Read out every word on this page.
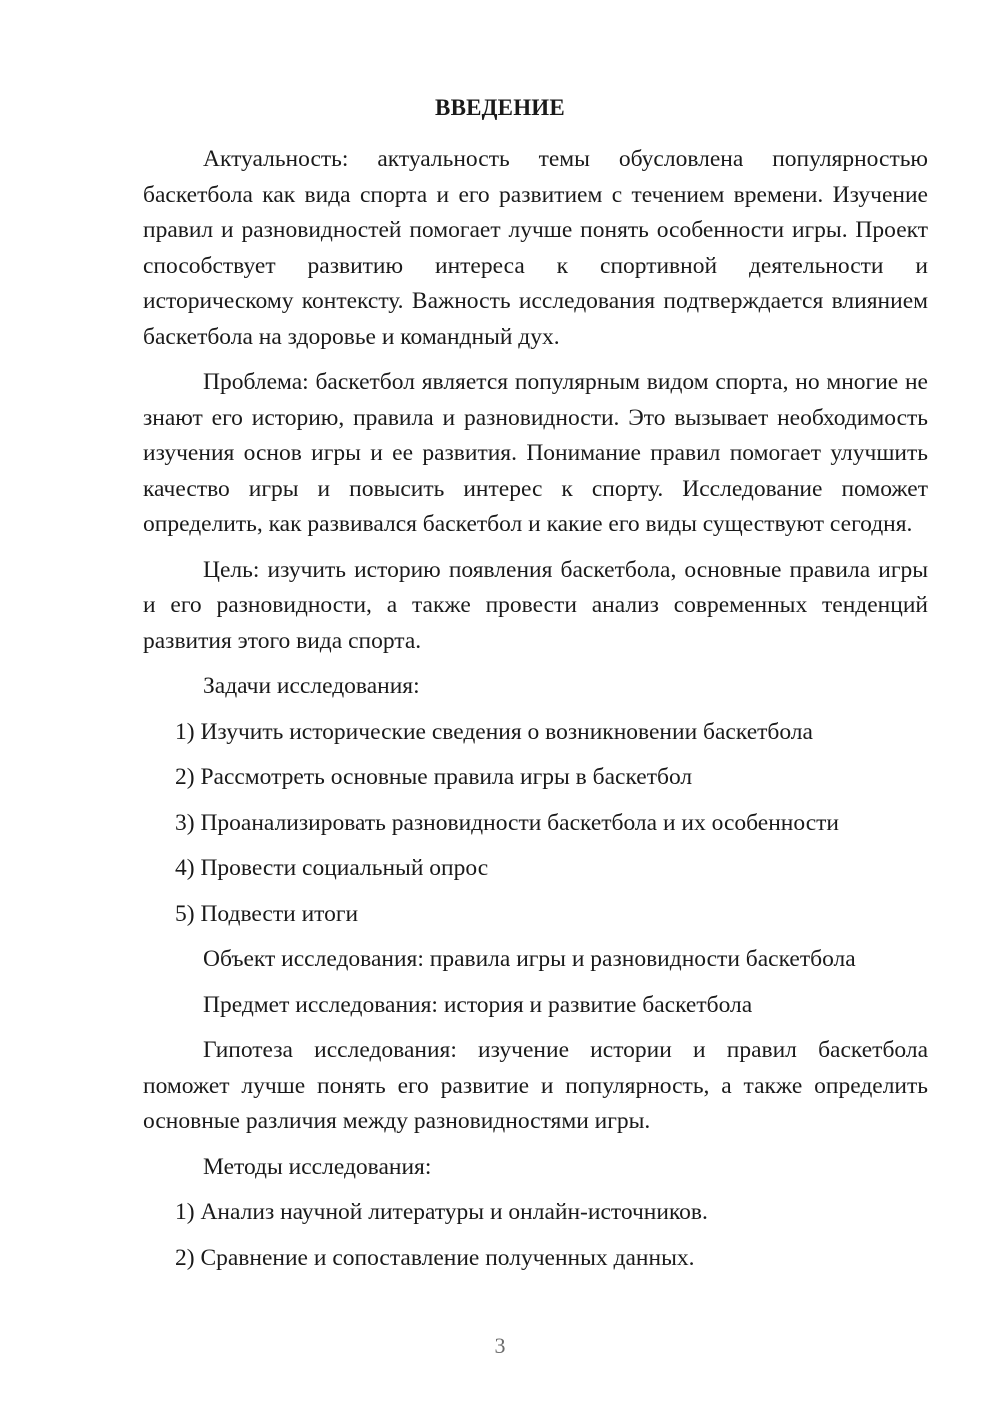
ВВЕДЕНИЕ

Актуальность: актуальность темы обусловлена популярностью баскетбола как вида спорта и его развитием с течением времени. Изучение правил и разновидностей помогает лучше понять особенности игры. Проект способствует развитию интереса к спортивной деятельности и историческому контексту. Важность исследования подтверждается влиянием баскетбола на здоровье и командный дух.

Проблема: баскетбол является популярным видом спорта, но многие не знают его историю, правила и разновидности. Это вызывает необходимость изучения основ игры и ее развития. Понимание правил помогает улучшить качество игры и повысить интерес к спорту. Исследование поможет определить, как развивался баскетбол и какие его виды существуют сегодня.

Цель: изучить историю появления баскетбола, основные правила игры и его разновидности, а также провести анализ современных тенденций развития этого вида спорта.

Задачи исследования:

1) Изучить исторические сведения о возникновении баскетбола

2) Рассмотреть основные правила игры в баскетбол

3) Проанализировать разновидности баскетбола и их особенности

4) Провести социальный опрос

5) Подвести итоги

Объект исследования: правила игры и разновидности баскетбола

Предмет исследования: история и развитие баскетбола

Гипотеза исследования: изучение истории и правил баскетбола поможет лучше понять его развитие и популярность, а также определить основные различия между разновидностями игры.

Методы исследования:

1) Анализ научной литературы и онлайн-источников.

2) Сравнение и сопоставление полученных данных.

3
